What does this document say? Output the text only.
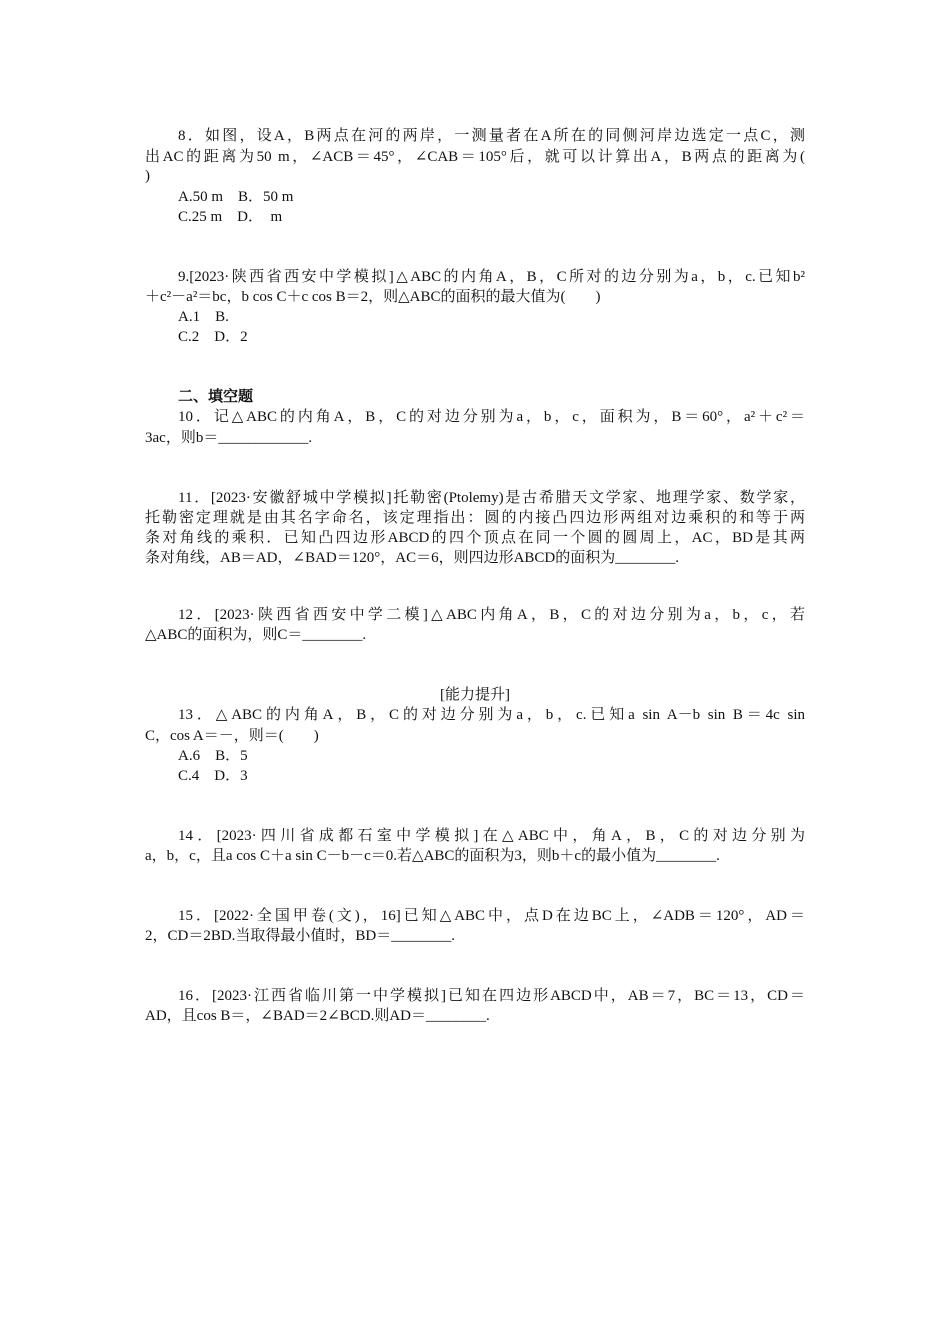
8．如图，设A，B两点在河的两岸，一测量者在A所在的同侧河岸边选定一点C，测
出AC的距离为50 m，∠ACB＝45°，∠CAB＝105°后，就可以计算出A，B两点的距离为(
)
A.50 m　B．50 m
C.25 m　D．　m
9.[2023·陕西省西安中学模拟]△ABC的内角A，B，C所对的边分别为a，b，c.已知b²
＋c²－a²＝bc，b cos C＋c cos B＝2，则△ABC的面积的最大值为(　　)
A.1　B.
C.2　D．2
二、填空题
10．记△ABC的内角A，B，C的对边分别为a，b，c，面积为，B＝60°，a²＋c²＝
3ac，则b＝____________.
11．[2023·安徽舒城中学模拟]托勒密(Ptolemy)是古希腊天文学家、地理学家、数学家，
托勒密定理就是由其名字命名，该定理指出：圆的内接凸四边形两组对边乘积的和等于两
条对角线的乘积．已知凸四边形ABCD的四个顶点在同一个圆的圆周上，AC，BD是其两
条对角线，AB＝AD，∠BAD＝120°，AC＝6，则四边形ABCD的面积为________.
12．[2023·陕西省西安中学二模]△ABC内角A，B，C的对边分别为a，b，c，若
△ABC的面积为，则C＝________.
[能力提升]
13．△ABC的内角A，B，C的对边分别为a，b，c.已知a sin A－b sin B＝4c sin
C，cos A＝－，则＝(　　)
A.6　B．5
C.4　D．3
14．[2023·四川省成都石室中学模拟]在△ABC中，角A，B，C的对边分别为
a，b，c，且a cos C＋a sin C－b－c＝0.若△ABC的面积为3，则b＋c的最小值为________.
15．[2022·全国甲卷(文)，16]已知△ABC中，点D在边BC上，∠ADB＝120°，AD＝
2，CD＝2BD.当取得最小值时，BD＝________.
16．[2023·江西省临川第一中学模拟]已知在四边形ABCD中，AB＝7，BC＝13，CD＝
AD，且cos B＝，∠BAD＝2∠BCD.则AD＝________.
